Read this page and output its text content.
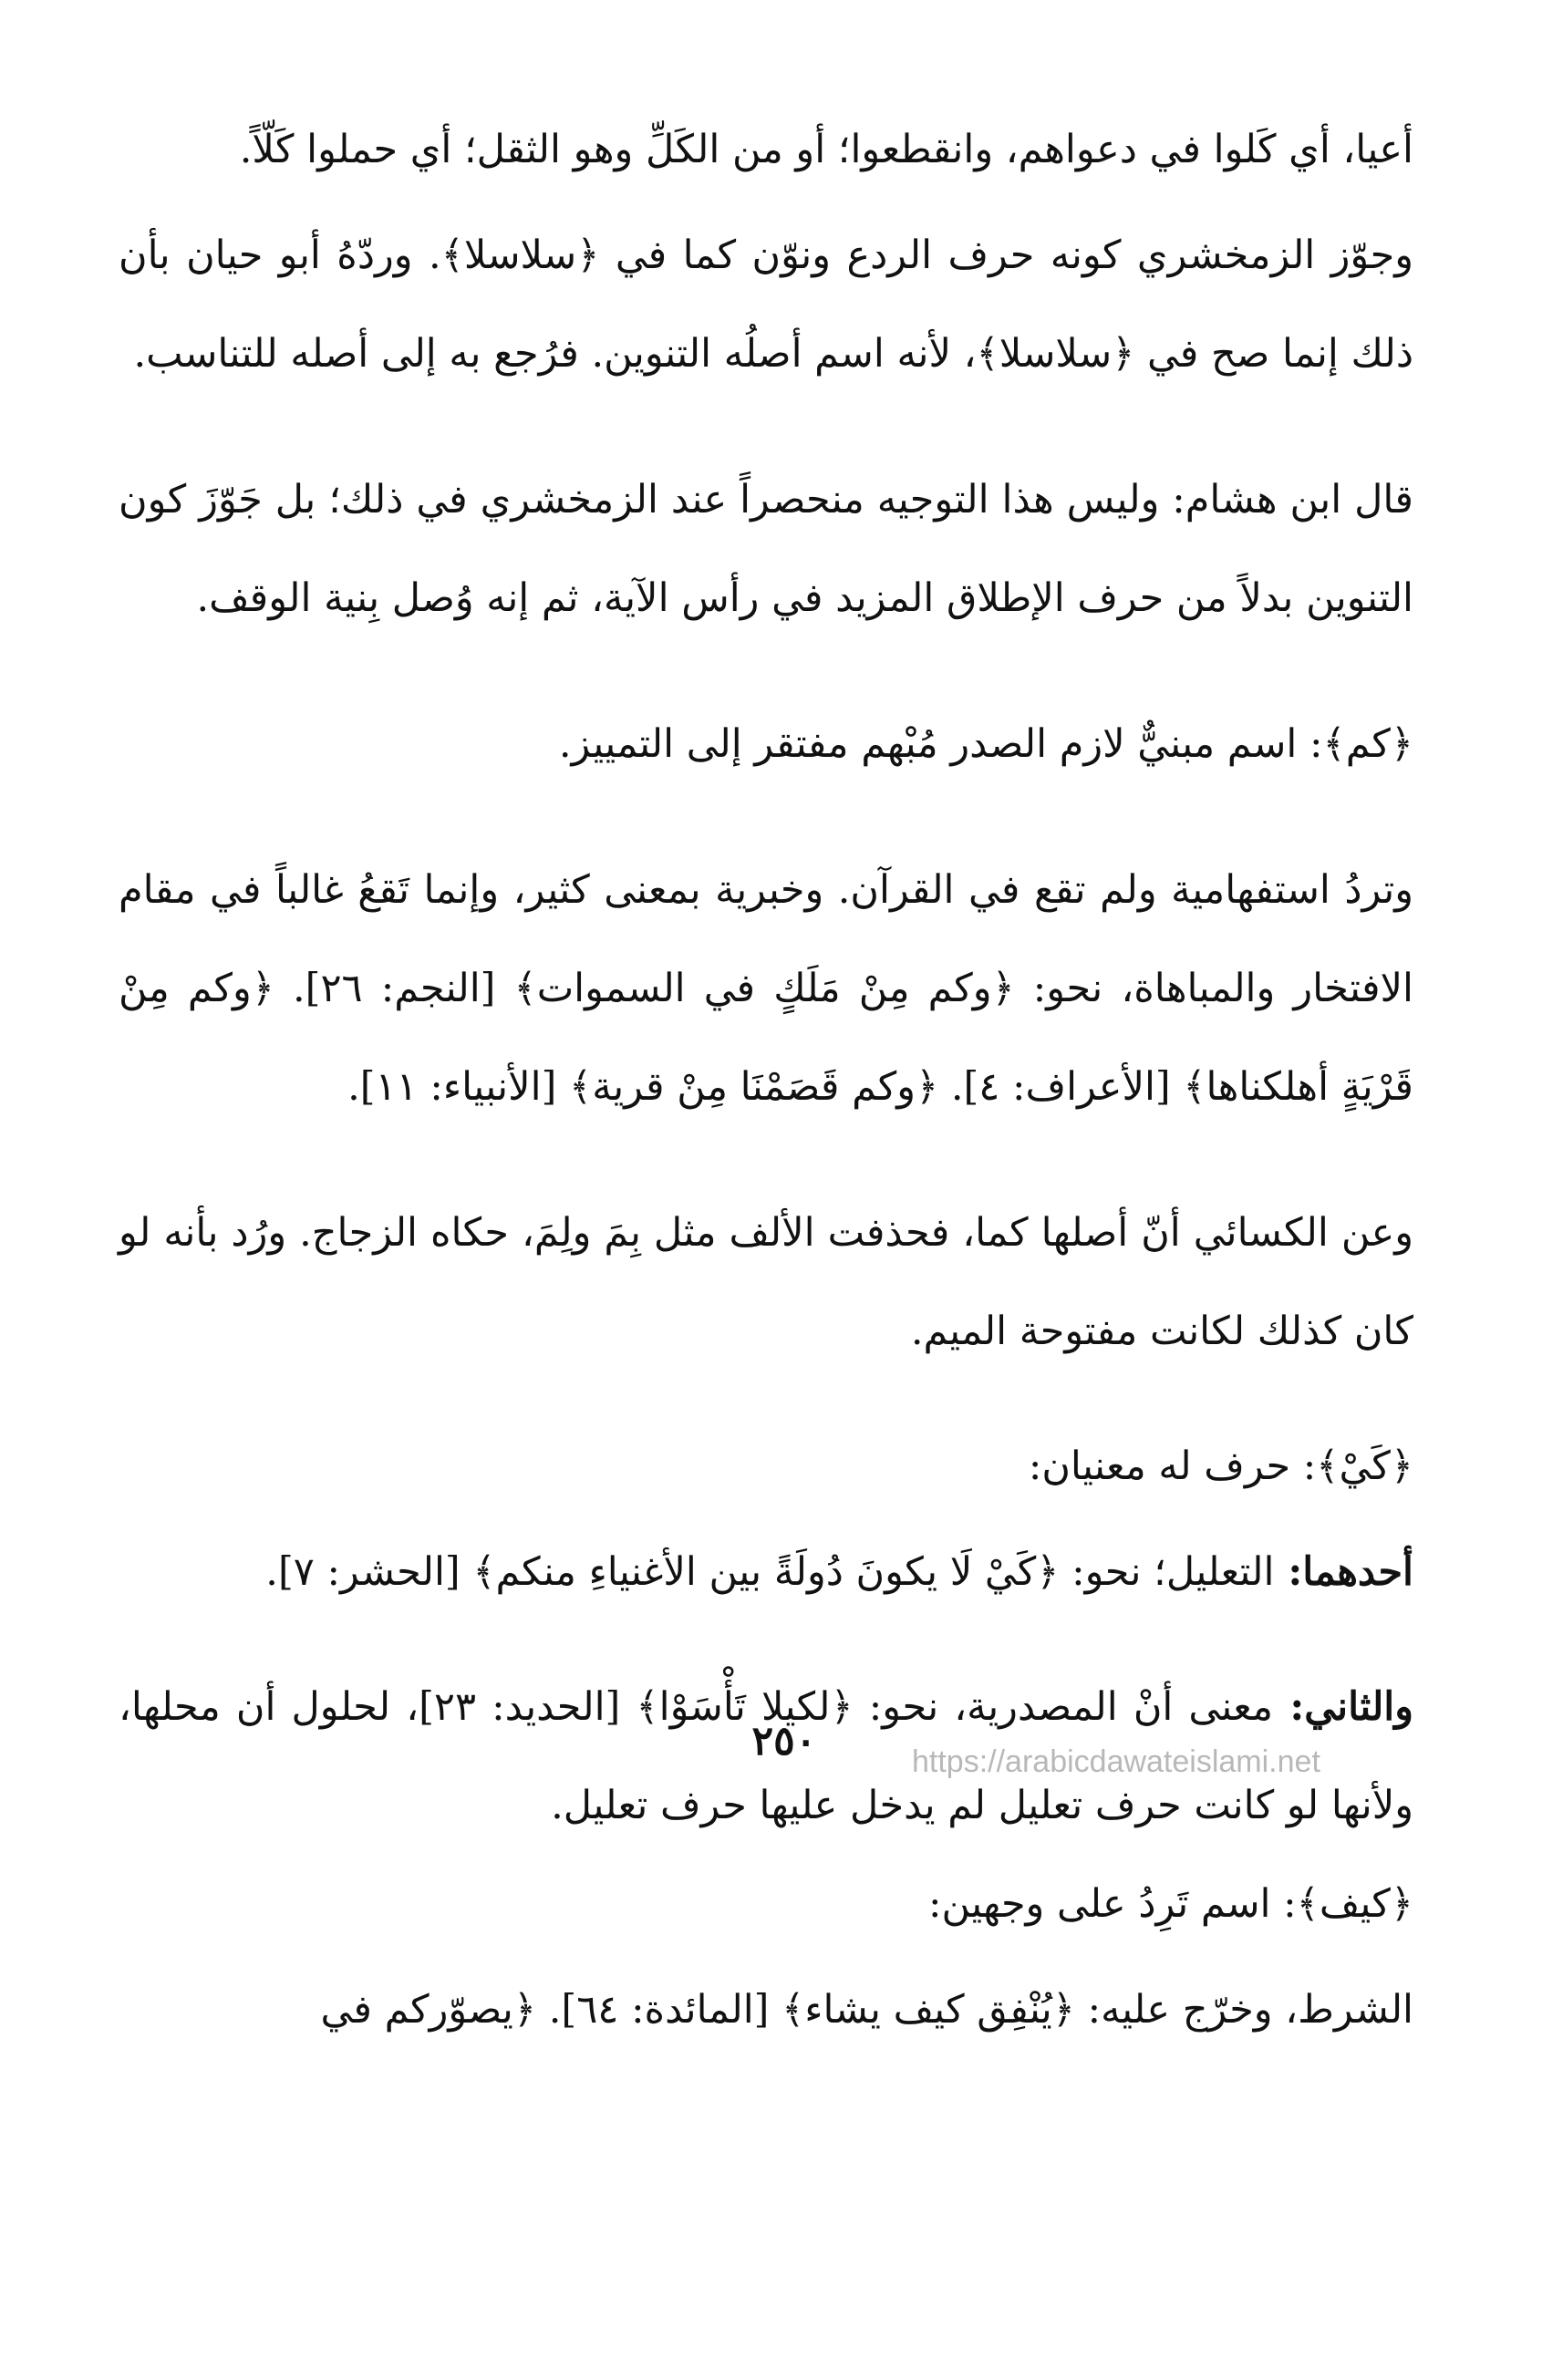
أعيا، أي كَلوا في دعواهم، وانقطعوا؛ أو من الكَلِّ وهو الثقل؛ أي حملوا كَلّاً.

وجوّز الزمخشري كونه حرف الردع ونوّن كما في ﴿سلاسلا﴾. وردّهُ أبو حيان بأن ذلك إنما صح في ﴿سلاسلا﴾، لأنه اسم أصلُه التنوين. فرُجع به إلى أصله للتناسب.

قال ابن هشام: وليس هذا التوجيه منحصراً عند الزمخشري في ذلك؛ بل جَوّزَ كون التنوين بدلاً من حرف الإطلاق المزيد في رأس الآية، ثم إنه وُصل بِنية الوقف.

﴿كم﴾: اسم مبنيٌّ لازم الصدر مُبْهم مفتقر إلى التمييز.

وتردُ استفهامية ولم تقع في القرآن. وخبرية بمعنى كثير، وإنما تَقعُ غالباً في مقام الافتخار والمباهاة، نحو: ﴿وكم مِنْ مَلَكٍ في السموات﴾ [النجم: ٢٦]. ﴿وكم مِنْ قَرْيَةٍ أهلكناها﴾ [الأعراف: ٤]. ﴿وكم قَصَمْنَا مِنْ قرية﴾ [الأنبياء: ١١].

وعن الكسائي أنّ أصلها كما، فحذفت الألف مثل بِمَ ولِمَ، حكاه الزجاج. ورُد بأنه لو كان كذلك لكانت مفتوحة الميم.

﴿كَيْ﴾: حرف له معنيان:

أحدهما: التعليل؛ نحو: ﴿كَيْ لَا يكونَ دُولَةً بين الأغنياءِ منكم﴾ [الحشر: ٧].

والثاني: معنى أنْ المصدرية، نحو: ﴿لكيلا تَأْسَوْا﴾ [الحديد: ٢٣]، لحلول أن محلها، ولأنها لو كانت حرف تعليل لم يدخل عليها حرف تعليل.

﴿كيف﴾: اسم تَرِدُ على وجهين:

الشرط، وخرّج عليه: ﴿يُنْفِق كيف يشاء﴾ [المائدة: ٦٤]. ﴿يصوّركم في

٢٥٠	https://arabicdawateislami.net
